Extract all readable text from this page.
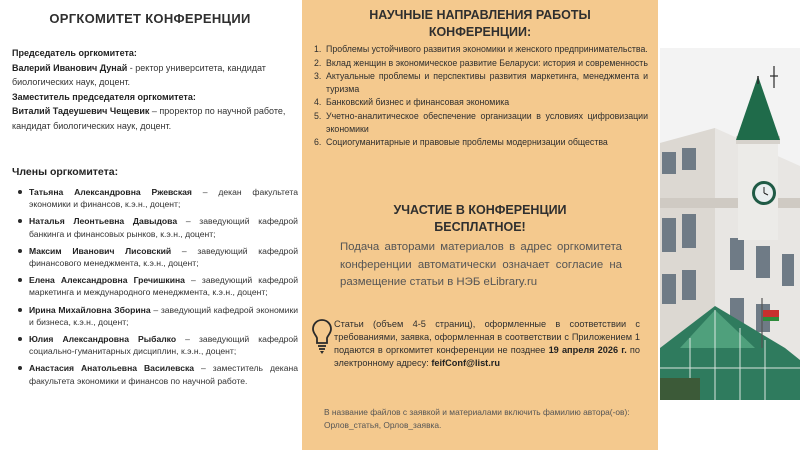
ОРГКОМИТЕТ КОНФЕРЕНЦИИ

Председатель оргкомитета:

Валерий Иванович Дунай - ректор университета, кандидат биологических наук, доцент.

Заместитель председателя оргкомитета:

Виталий Тадеушевич Чещевик – проректор по научной работе, кандидат биологических наук, доцент.

Члены оргкомитета:
Татьяна Александровна Ржевская – декан факультета экономики и финансов, к.э.н., доцент;
Наталья Леонтьевна Давыдова – заведующий кафедрой банкинга и финансовых рынков, к.э.н., доцент;
Максим Иванович Лисовский – заведующий кафедрой финансового менеджмента, к.э.н., доцент;
Елена Александровна Гречишкина – заведующий кафедрой маркетинга и международного менеджмента, к.э.н., доцент;
Ирина Михайловна Зборина – заведующий кафедрой экономики и бизнеса, к.э.н., доцент;
Юлия Александровна Рыбалко – заведующий кафедрой социально-гуманитарных дисциплин, к.э.н., доцент;
Анастасия Анатольевна Василевска – заместитель декана факультета экономики и финансов по научной работе.
НАУЧНЫЕ НАПРАВЛЕНИЯ РАБОТЫ
КОНФЕРЕНЦИИ:
1. Проблемы устойчивого развития экономики и женского предпринимательства.
2. Вклад женщин в экономическое развитие Беларуси: история и современность
3. Актуальные проблемы и перспективы развития маркетинга, менеджмента и туризма
4. Банковский бизнес и финансовая экономика
5. Учетно-аналитическое обеспечение организации в условиях цифровизации экономики
6. Социогуманитарные и правовые проблемы модернизации общества
УЧАСТИЕ В КОНФЕРЕНЦИИ
БЕСПЛАТНОЕ!
Подача авторами материалов в адрес оргкомитета конференции автоматически означает согласие на размещение статьи в НЭБ eLibrary.ru
Статьи (объем 4-5 страниц), оформленные в соответствии с требованиями, заявка, оформленная в соответствии с Приложением 1 подаются в оргкомитет конференции не позднее 19 апреля 2026 г. по электронному адресу: feifConf@list.ru
В название файлов с заявкой и материалами включить фамилию автора(-ов): Орлов_статья, Орлов_заявка.
